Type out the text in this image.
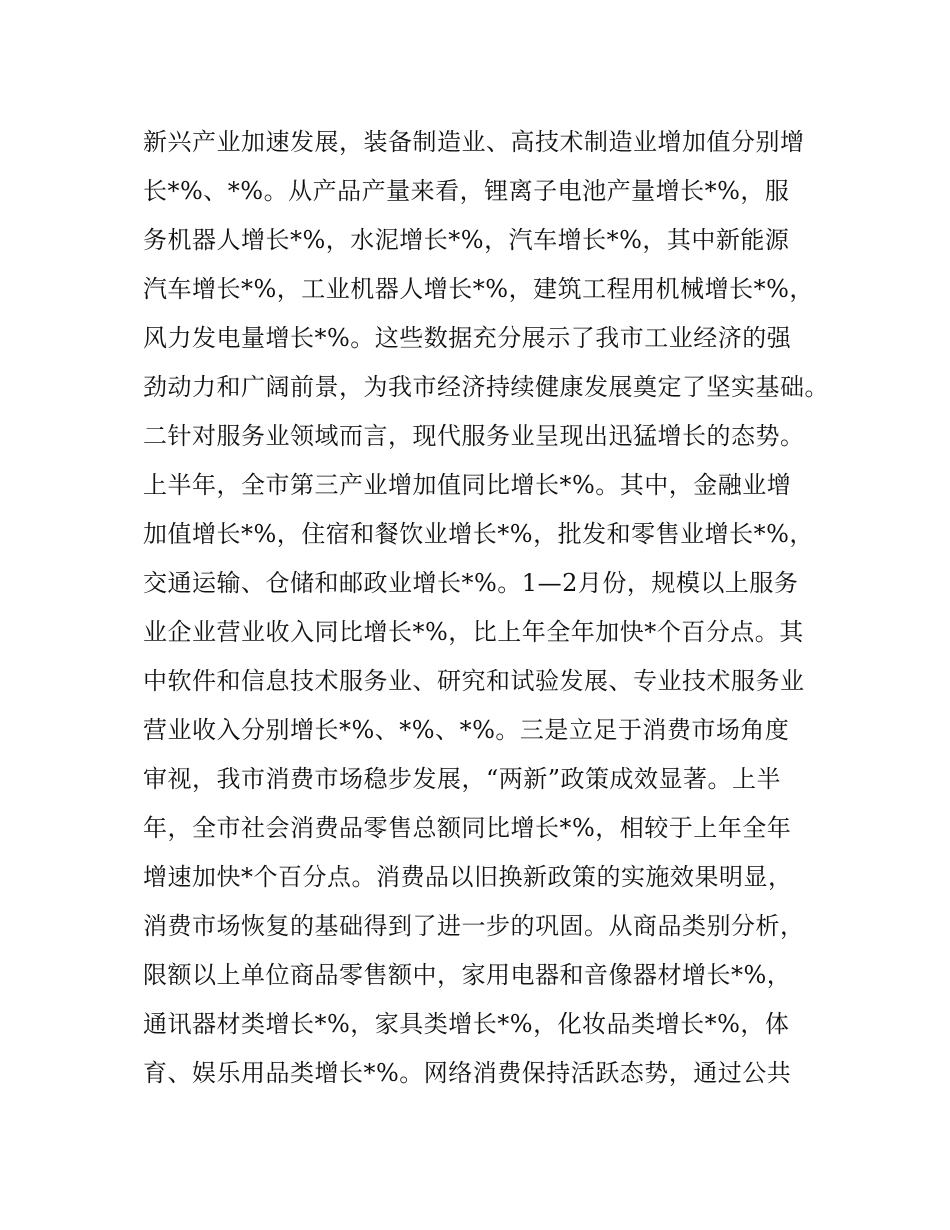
新兴产业加速发展，装备制造业、高技术制造业增加值分别增
长*%、*%。从产品产量来看，锂离子电池产量增长*%，服
务机器人增长*%，水泥增长*%，汽车增长*%，其中新能源
汽车增长*%，工业机器人增长*%，建筑工程用机械增长*%，
风力发电量增长*%。这些数据充分展示了我市工业经济的强
劲动力和广阔前景，为我市经济持续健康发展奠定了坚实基础。
二针对服务业领域而言，现代服务业呈现出迅猛增长的态势。
上半年，全市第三产业增加值同比增长*%。其中，金融业增
加值增长*%，住宿和餐饮业增长*%，批发和零售业增长*%，
交通运输、仓储和邮政业增长*%。1—2月份，规模以上服务
业企业营业收入同比增长*%，比上年全年加快*个百分点。其
中软件和信息技术服务业、研究和试验发展、专业技术服务业
营业收入分别增长*%、*%、*%。三是立足于消费市场角度
审视，我市消费市场稳步发展，“两新”政策成效显著。上半
年，全市社会消费品零售总额同比增长*%，相较于上年全年
增速加快*个百分点。消费品以旧换新政策的实施效果明显，
消费市场恢复的基础得到了进一步的巩固。从商品类别分析，
限额以上单位商品零售额中，家用电器和音像器材增长*%，
通讯器材类增长*%，家具类增长*%，化妆品类增长*%，体
育、娱乐用品类增长*%。网络消费保持活跃态势，通过公共
